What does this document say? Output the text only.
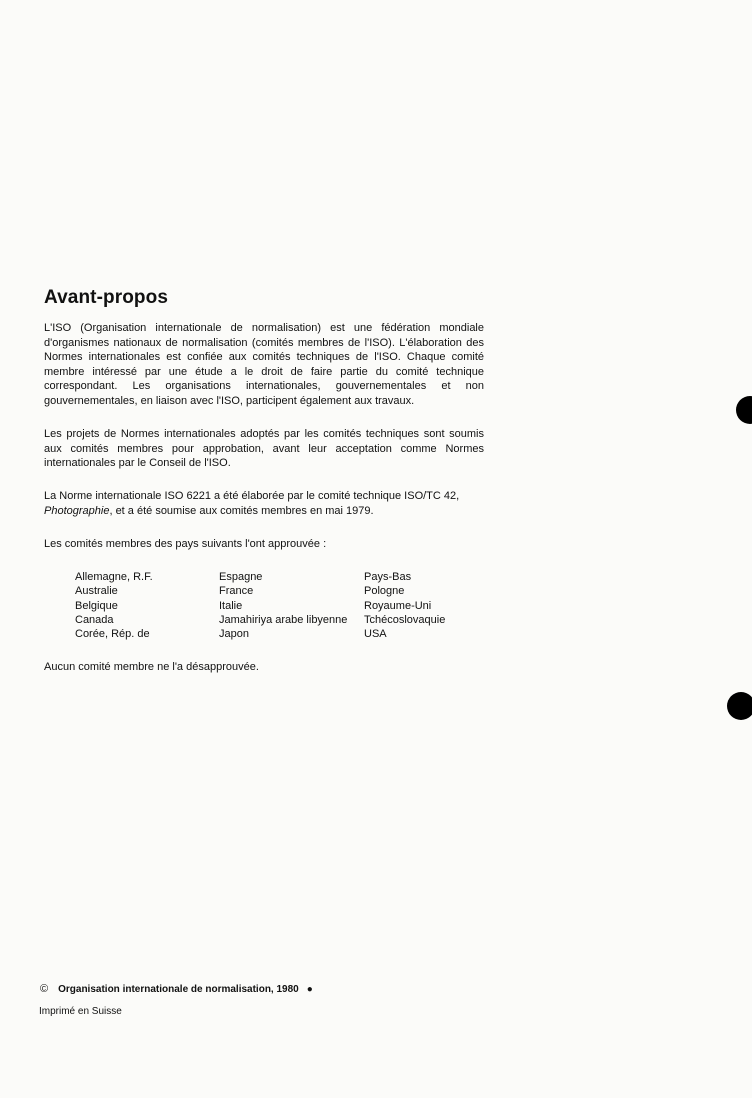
Avant-propos

L'ISO (Organisation internationale de normalisation) est une fédération mondiale d'organismes nationaux de normalisation (comités membres de l'ISO). L'élaboration des Normes internationales est confiée aux comités techniques de l'ISO. Chaque comité membre intéressé par une étude a le droit de faire partie du comité technique correspondant. Les organisations internationales, gouvernementales et non gouvernementales, en liaison avec l'ISO, participent également aux travaux.

Les projets de Normes internationales adoptés par les comités techniques sont soumis aux comités membres pour approbation, avant leur acceptation comme Normes internationales par le Conseil de l'ISO.

La Norme internationale ISO 6221 a été élaborée par le comité technique ISO/TC 42, Photographie, et a été soumise aux comités membres en mai 1979.

Les comités membres des pays suivants l'ont approuvée :

Allemagne, R.F.
Australie
Belgique
Canada
Corée, Rép. de
Espagne
France
Italie
Jamahiriya arabe libyenne
Japon
Pays-Bas
Pologne
Royaume-Uni
Tchécoslovaquie
USA

Aucun comité membre ne l'a désapprouvée.

© Organisation internationale de normalisation, 1980 ●
Imprimé en Suisse
